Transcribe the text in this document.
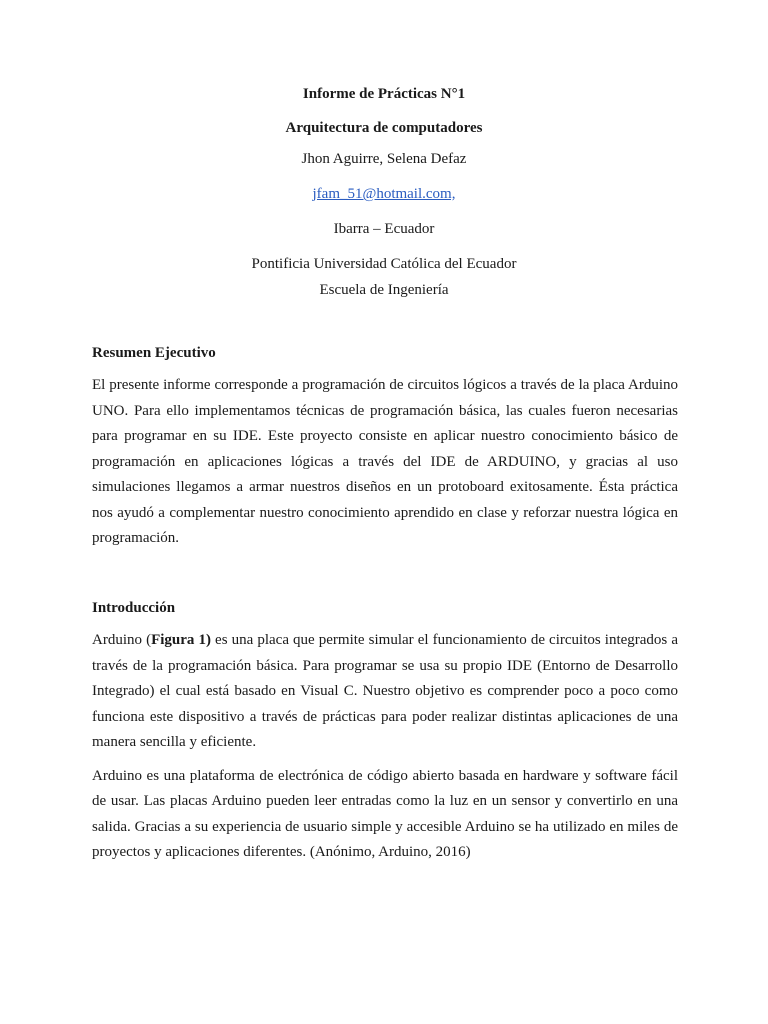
Informe de Prácticas N°1

Arquitectura de computadores

Jhon Aguirre, Selena Defaz

jfam_51@hotmail.com,

Ibarra – Ecuador

Pontificia Universidad Católica del Ecuador

Escuela de Ingeniería

Resumen Ejecutivo

El presente informe corresponde a programación de circuitos lógicos a través de la placa Arduino UNO. Para ello implementamos técnicas de programación básica, las cuales fueron necesarias para programar en su IDE. Este proyecto consiste en aplicar nuestro conocimiento básico de programación en aplicaciones lógicas a través del IDE de ARDUINO, y gracias al uso simulaciones llegamos a armar nuestros diseños en un protoboard exitosamente. Ésta práctica nos ayudó a complementar nuestro conocimiento aprendido en clase y reforzar nuestra lógica en programación.

Introducción

Arduino (Figura 1) es una placa que permite simular el funcionamiento de circuitos integrados a través de la programación básica. Para programar se usa su propio IDE (Entorno de Desarrollo Integrado) el cual está basado en Visual C. Nuestro objetivo es comprender poco a poco como funciona este dispositivo a través de prácticas para poder realizar distintas aplicaciones de una manera sencilla y eficiente.

Arduino es una plataforma de electrónica de código abierto basada en hardware y software fácil de usar. Las placas Arduino pueden leer entradas como la luz en un sensor y convertirlo en una salida. Gracias a su experiencia de usuario simple y accesible Arduino se ha utilizado en miles de proyectos y aplicaciones diferentes. (Anónimo, Arduino, 2016)
